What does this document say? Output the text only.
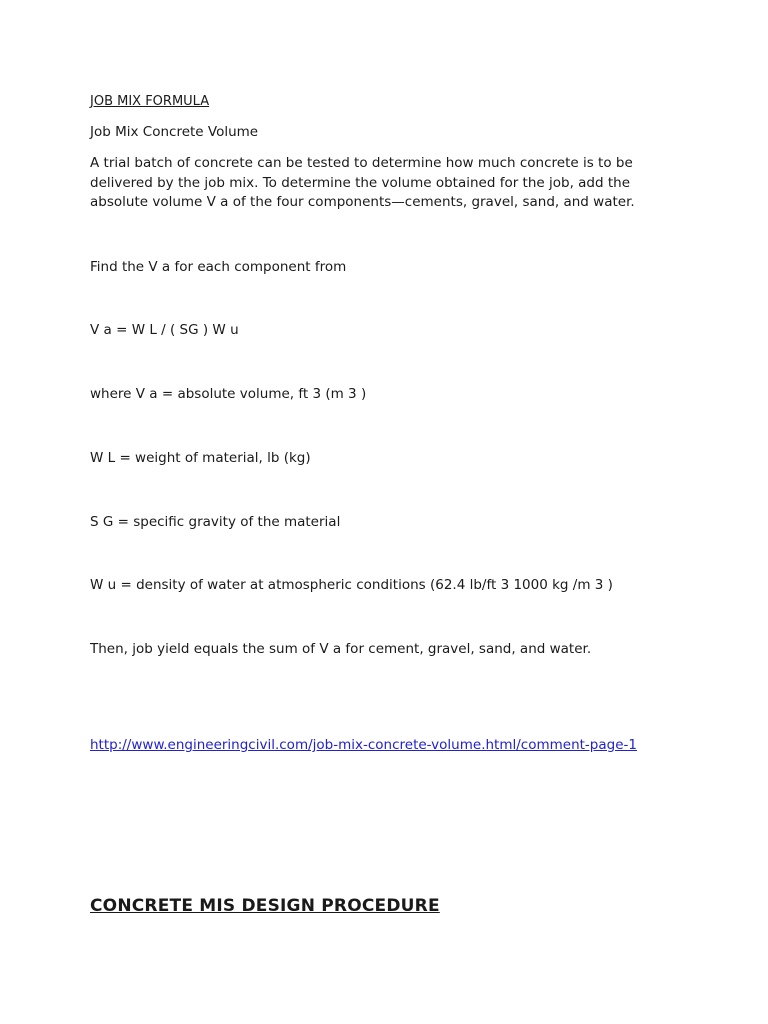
JOB MIX FORMULA

Job Mix Concrete Volume

A trial batch of concrete can be tested to determine how much concrete is to be delivered by the job mix. To determine the volume obtained for the job, add the absolute volume V a of the four components—cements, gravel, sand, and water.

Find the V a for each component from

V a = W L / ( SG ) W u

where V a = absolute volume, ft 3 (m 3 )

W L = weight of material, lb (kg)

S G = specific gravity of the material

W u = density of water at atmospheric conditions (62.4 lb/ft 3 1000 kg /m 3 )

Then, job yield equals the sum of V a for cement, gravel, sand, and water.

http://www.engineeringcivil.com/job-mix-concrete-volume.html/comment-page-1

CONCRETE MIS DESIGN PROCEDURE
